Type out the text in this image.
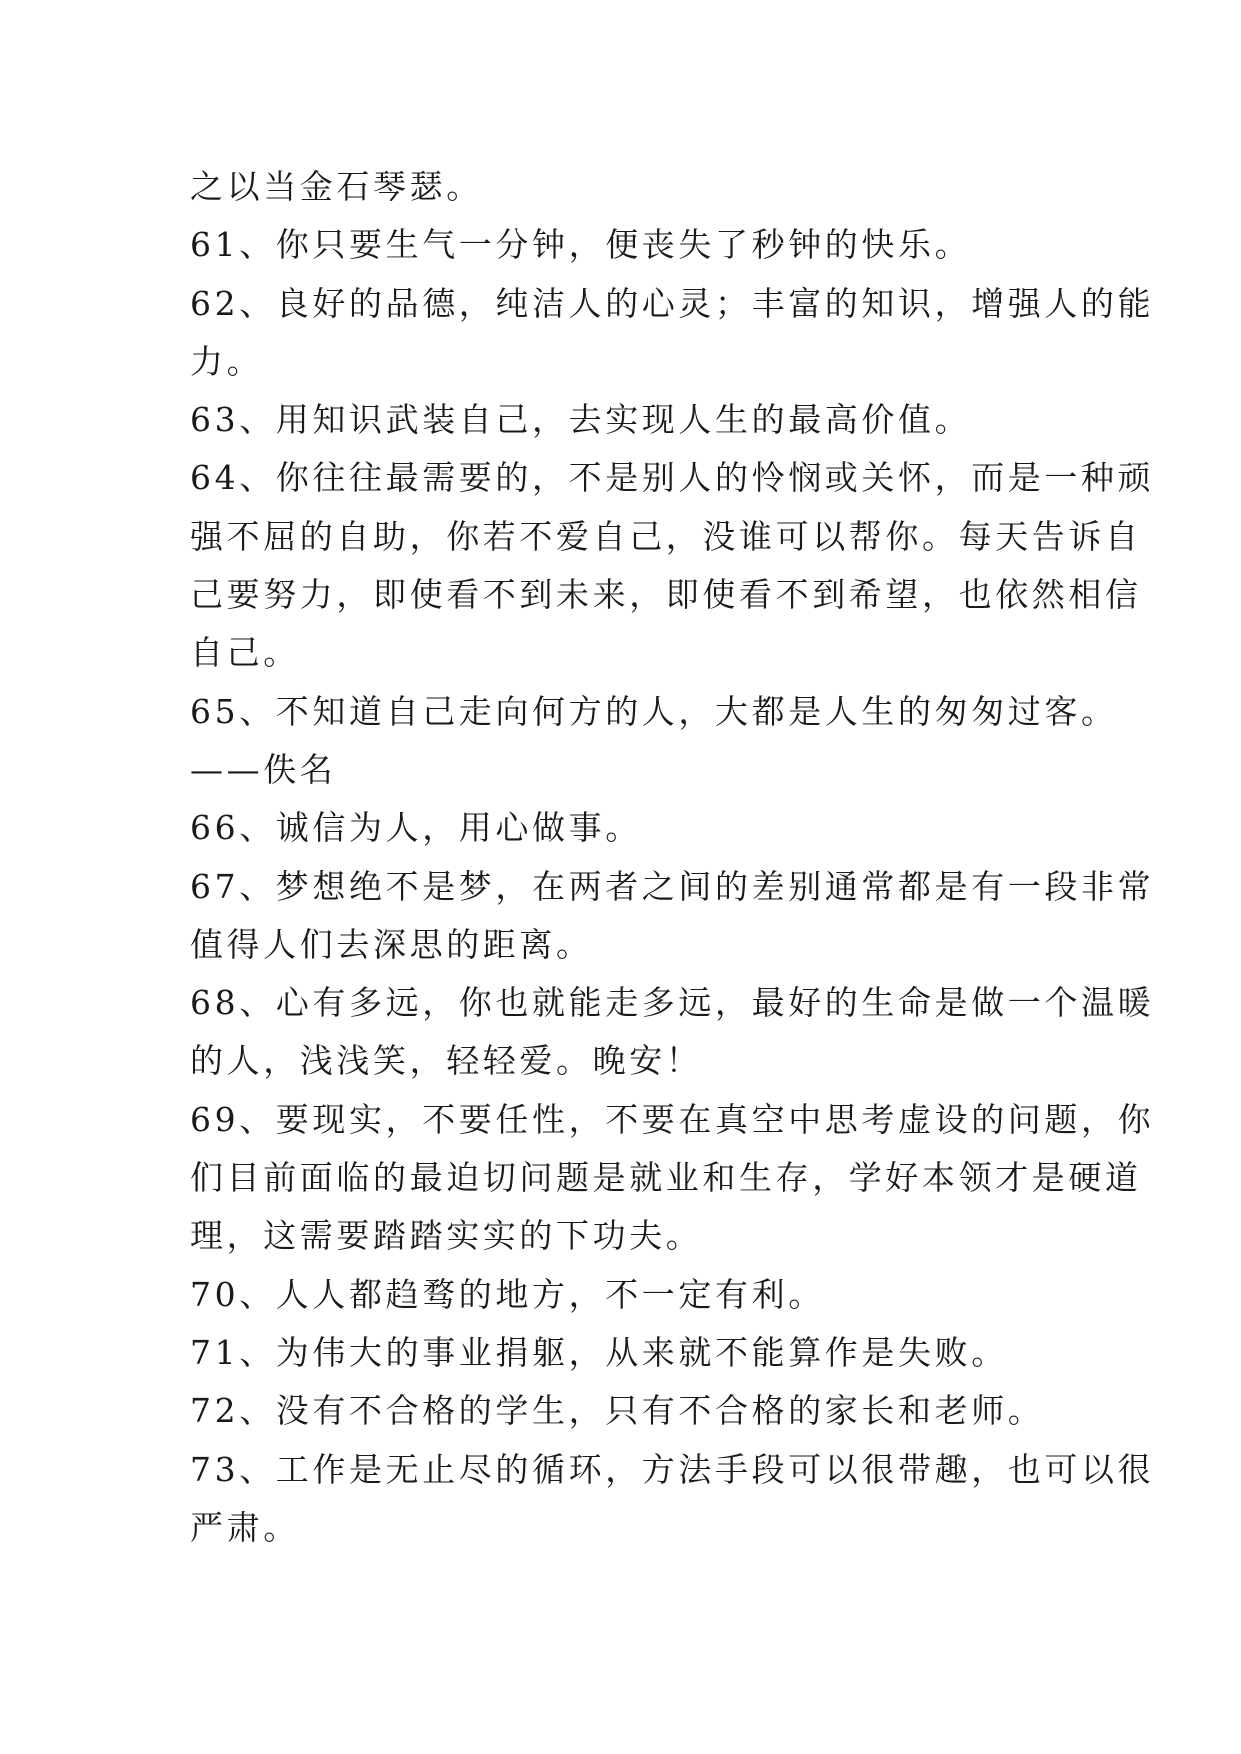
之以当金石琴瑟。
61、你只要生气一分钟，便丧失了秒钟的快乐。
62、良好的品德，纯洁人的心灵；丰富的知识，增强人的能
力。
63、用知识武装自己，去实现人生的最高价值。
64、你往往最需要的，不是别人的怜悯或关怀，而是一种顽
强不屈的自助，你若不爱自己，没谁可以帮你。每天告诉自
己要努力，即使看不到未来，即使看不到希望，也依然相信
自己。
65、不知道自己走向何方的人，大都是人生的匆匆过客。
——佚名
66、诚信为人，用心做事。
67、梦想绝不是梦，在两者之间的差别通常都是有一段非常
值得人们去深思的距离。
68、心有多远，你也就能走多远，最好的生命是做一个温暖
的人，浅浅笑，轻轻爱。晚安！
69、要现实，不要任性，不要在真空中思考虚设的问题，你
们目前面临的最迫切问题是就业和生存，学好本领才是硬道
理，这需要踏踏实实的下功夫。
70、人人都趋骛的地方，不一定有利。
71、为伟大的事业捐躯，从来就不能算作是失败。
72、没有不合格的学生，只有不合格的家长和老师。
73、工作是无止尽的循环，方法手段可以很带趣，也可以很
严肃。
